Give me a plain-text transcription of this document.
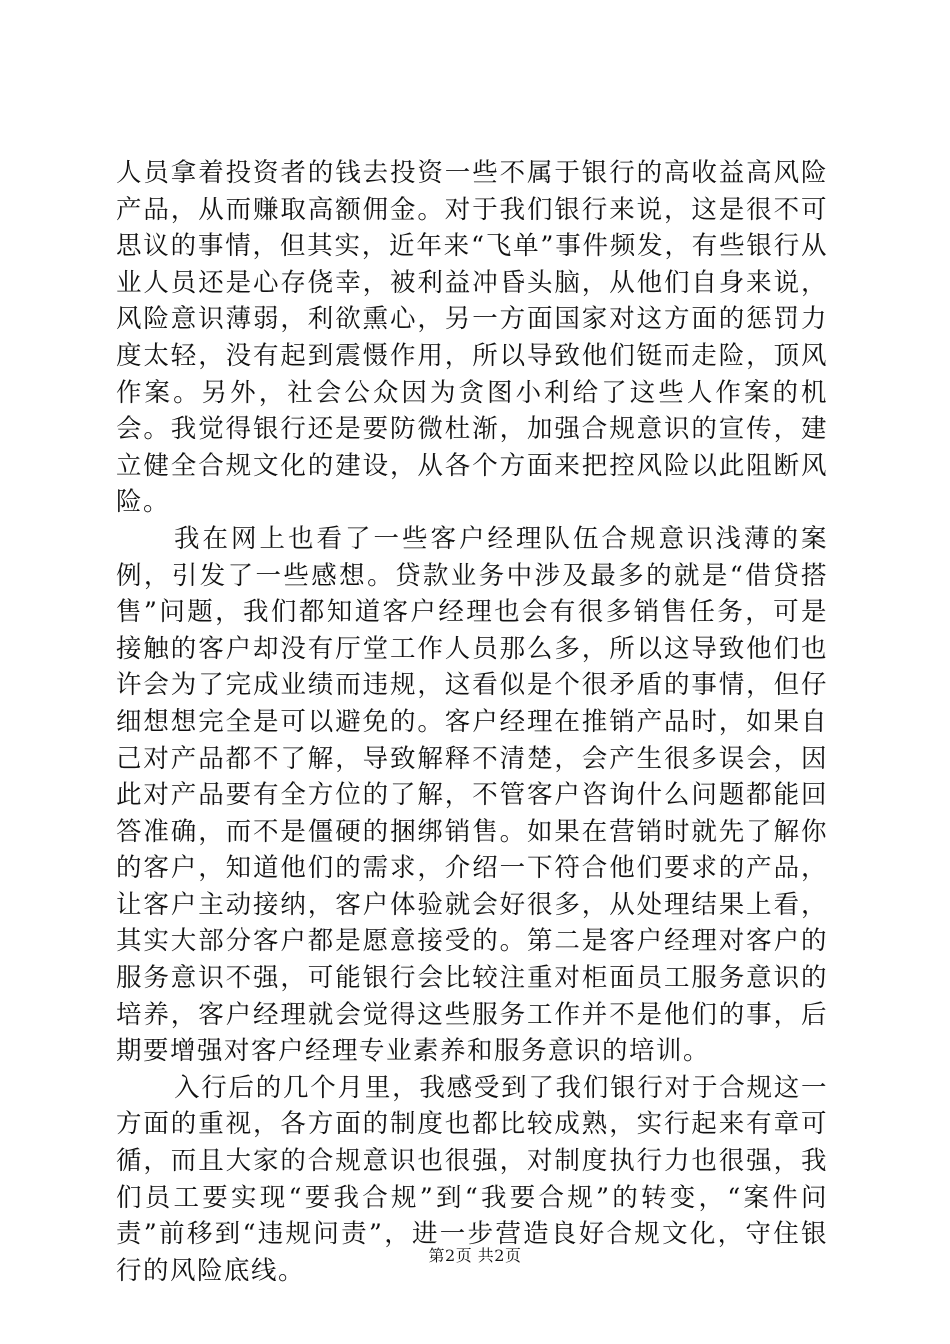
人员拿着投资者的钱去投资一些不属于银行的高收益高风险产品，从而赚取高额佣金。对于我们银行来说，这是很不可思议的事情，但其实，近年来“飞单”事件频发，有些银行从业人员还是心存侥幸，被利益冲昏头脑，从他们自身来说，风险意识薄弱，利欲熏心，另一方面国家对这方面的惩罚力度太轻，没有起到震慑作用，所以导致他们铤而走险，顶风作案。另外，社会公众因为贪图小利给了这些人作案的机会。我觉得银行还是要防微杜渐，加强合规意识的宣传，建立健全合规文化的建设，从各个方面来把控风险以此阻断风险。

我在网上也看了一些客户经理队伍合规意识浅薄的案例，引发了一些感想。贷款业务中涉及最多的就是“借贷搭售”问题，我们都知道客户经理也会有很多销售任务，可是接触的客户却没有厅堂工作人员那么多，所以这导致他们也许会为了完成业绩而违规，这看似是个很矛盾的事情，但仔细想想完全是可以避免的。客户经理在推销产品时，如果自己对产品都不了解，导致解释不清楚，会产生很多误会，因此对产品要有全方位的了解，不管客户咨询什么问题都能回答准确，而不是僵硬的捆绑销售。如果在营销时就先了解你的客户，知道他们的需求，介绍一下符合他们要求的产品，让客户主动接纳，客户体验就会好很多，从处理结果上看，其实大部分客户都是愿意接受的。第二是客户经理对客户的服务意识不强，可能银行会比较注重对柜面员工服务意识的培养，客户经理就会觉得这些服务工作并不是他们的事，后期要增强对客户经理专业素养和服务意识的培训。

入行后的几个月里，我感受到了我们银行对于合规这一方面的重视，各方面的制度也都比较成熟，实行起来有章可循，而且大家的合规意识也很强，对制度执行力也很强，我们员工要实现“要我合规”到“我要合规”的转变，“案件问责”前移到“违规问责”，进一步营造良好合规文化，守住银行的风险底线。

第2页 共2页
